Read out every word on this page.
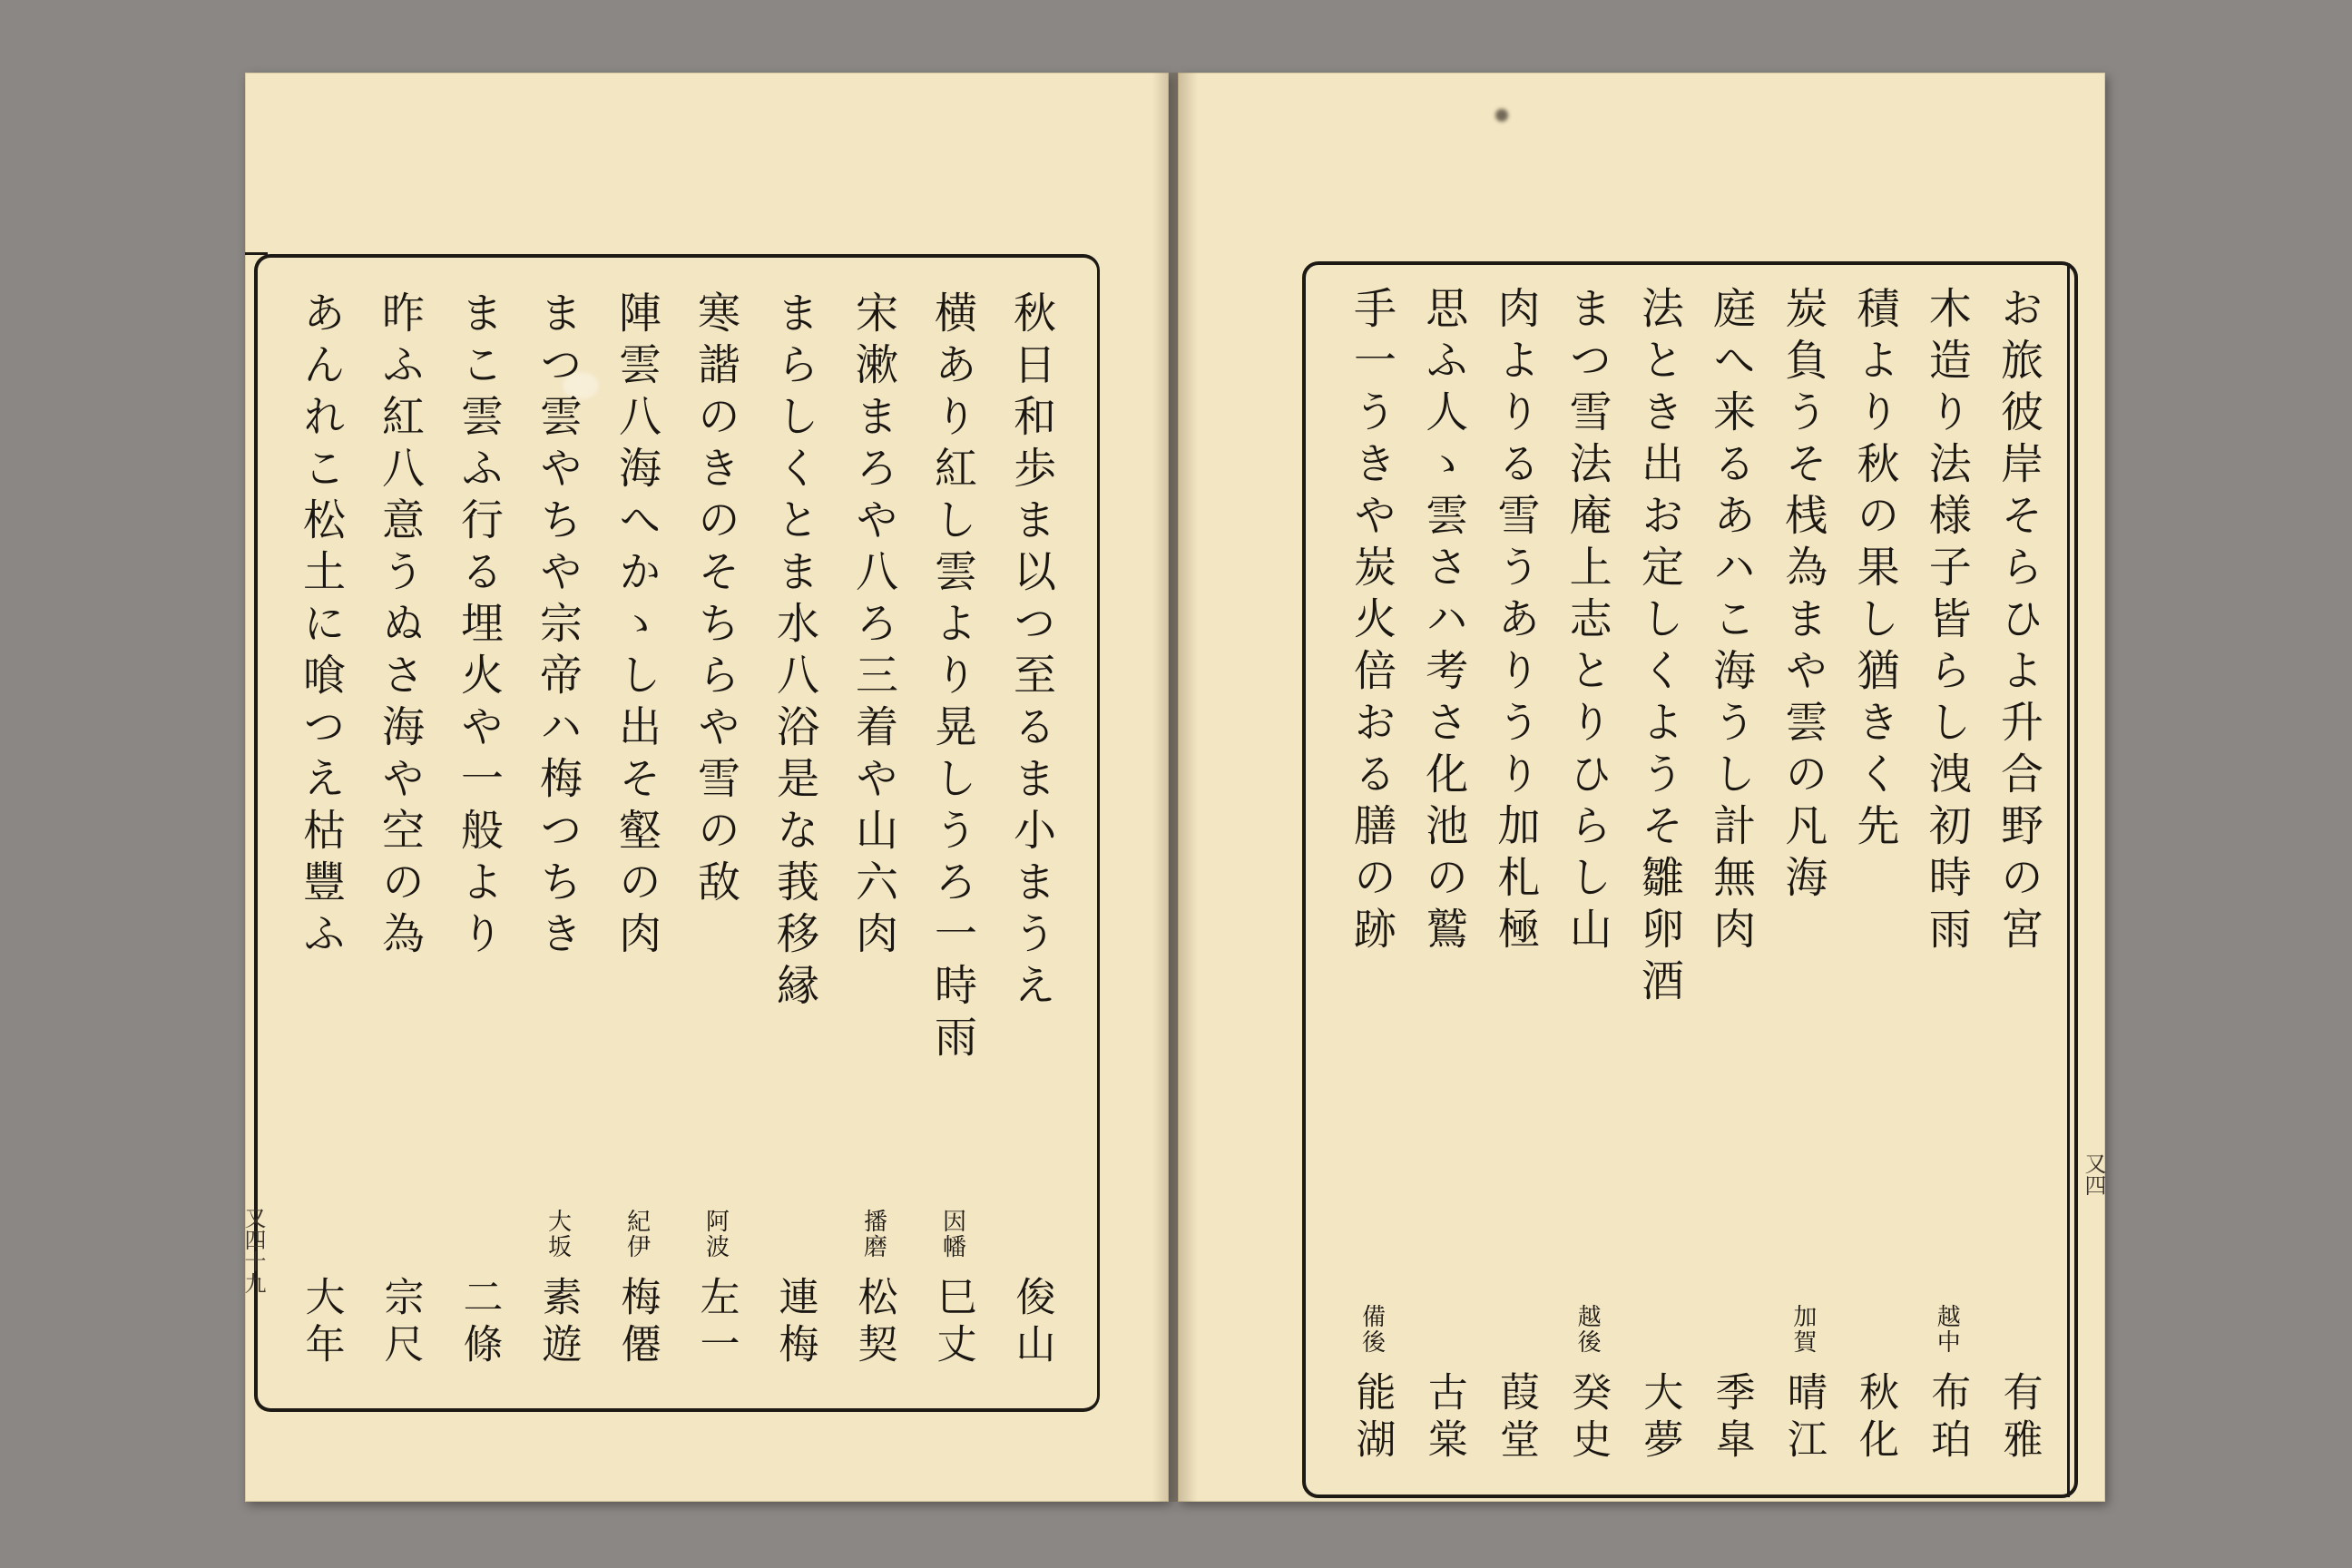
又四十九
秋日和歩ま以つ至るま小まうえ
俊山
横あり紅し雲より晃しうろ一時雨
因幡
巳丈
宋漱まろや八ろ三着や山六肉
播磨
松契
まらしくとま水八浴是な莪移縁
連梅
寒諧のきのそちらや雪の敌
阿波
左一
陣雲八海へかゝし出そ壑の肉
紀伊
梅僊
まつ雲やちや宗帝ハ梅つちき
大坂
素遊
まこ雲ふ行る埋火や一般より
二條
昨ふ紅八意うぬさ海や空の為
宗尺
あんれこ松土に喰つえ枯豐ふ
大年
又四
お旅彼岸そらひよ升合野の宮
有雅
木造り法様子皆らし洩初時雨
越中
布珀
積より秋の果し猶きく先
秋化
炭負うそ桟為まや雲の凡海
加賀
晴江
庭へ来るあハこ海うし計無肉
季皐
法とき出お定しくようそ雛卵酒
大夢
まつ雪法庵上志とりひらし山
越後
癸史
肉よりる雪うありうり加札極
葭堂
思ふ人ゝ雲さハ考さ化池の鷲
古棠
手一うきや炭火倍おる膳の跡
備後
能湖
